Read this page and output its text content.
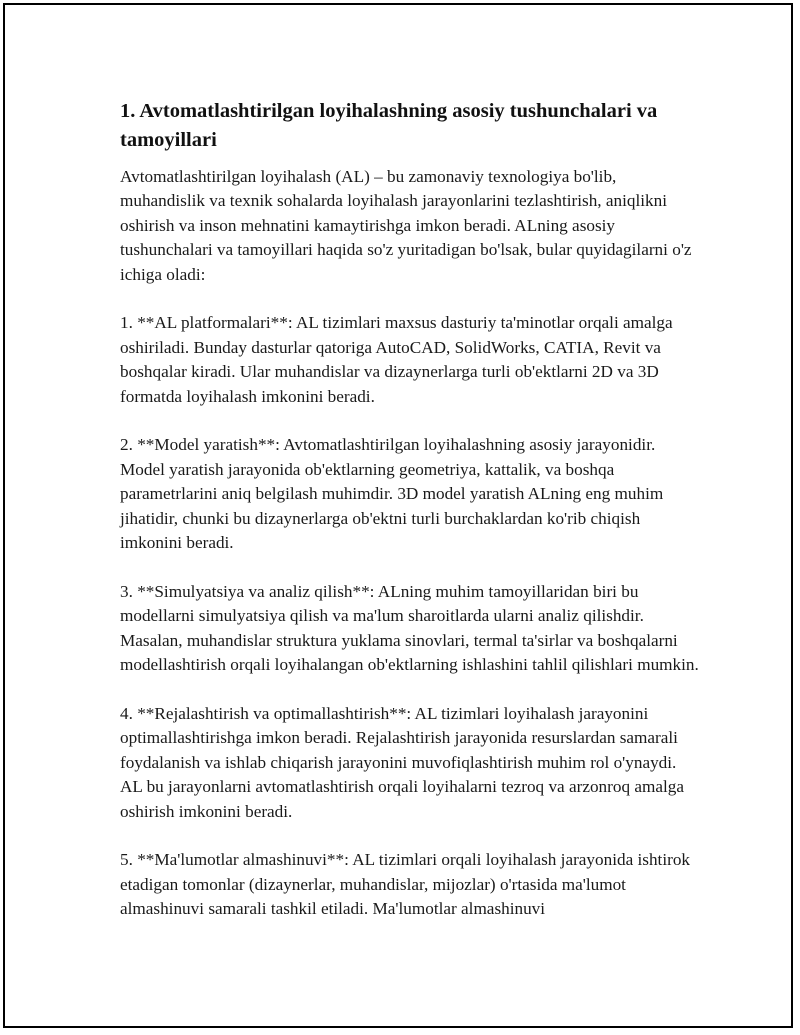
1. Avtomatlashtirilgan loyihalashning asosiy tushunchalari va tamoyillari

Avtomatlashtirilgan loyihalash (AL) – bu zamonaviy texnologiya bo'lib, muhandislik va texnik sohalarda loyihalash jarayonlarini tezlashtirish, aniqlikni oshirish va inson mehnatini kamaytirishga imkon beradi. ALning asosiy tushunchalari va tamoyillari haqida so'z yuritadigan bo'lsak, bular quyidagilarni o'z ichiga oladi:

1. **AL platformalari**: AL tizimlari maxsus dasturiy ta'minotlar orqali amalga oshiriladi. Bunday dasturlar qatoriga AutoCAD, SolidWorks, CATIA, Revit va boshqalar kiradi. Ular muhandislar va dizaynerlarga turli ob'ektlarni 2D va 3D formatda loyihalash imkonini beradi.

2. **Model yaratish**: Avtomatlashtirilgan loyihalashning asosiy jarayonidir. Model yaratish jarayonida ob'ektlarning geometriya, kattalik, va boshqa parametrlarini aniq belgilash muhimdir. 3D model yaratish ALning eng muhim jihatidir, chunki bu dizaynerlarga ob'ektni turli burchaklardan ko'rib chiqish imkonini beradi.

3. **Simulyatsiya va analiz qilish**: ALning muhim tamoyillaridan biri bu modellarni simulyatsiya qilish va ma'lum sharoitlarda ularni analiz qilishdir. Masalan, muhandislar struktura yuklama sinovlari, termal ta'sirlar va boshqalarni modellashtirish orqali loyihalangan ob'ektlarning ishlashini tahlil qilishlari mumkin.

4. **Rejalashtirish va optimallashtirish**: AL tizimlari loyihalash jarayonini optimallashtirishga imkon beradi. Rejalashtirish jarayonida resurslardan samarali foydalanish va ishlab chiqarish jarayonini muvofiqlashtirish muhim rol o'ynaydi. AL bu jarayonlarni avtomatlashtirish orqali loyihalarni tezroq va arzonroq amalga oshirish imkonini beradi.

5. **Ma'lumotlar almashinuvi**: AL tizimlari orqali loyihalash jarayonida ishtirok etadigan tomonlar (dizaynerlar, muhandislar, mijozlar) o'rtasida ma'lumot almashinuvi samarali tashkil etiladi. Ma'lumotlar almashinuvi
